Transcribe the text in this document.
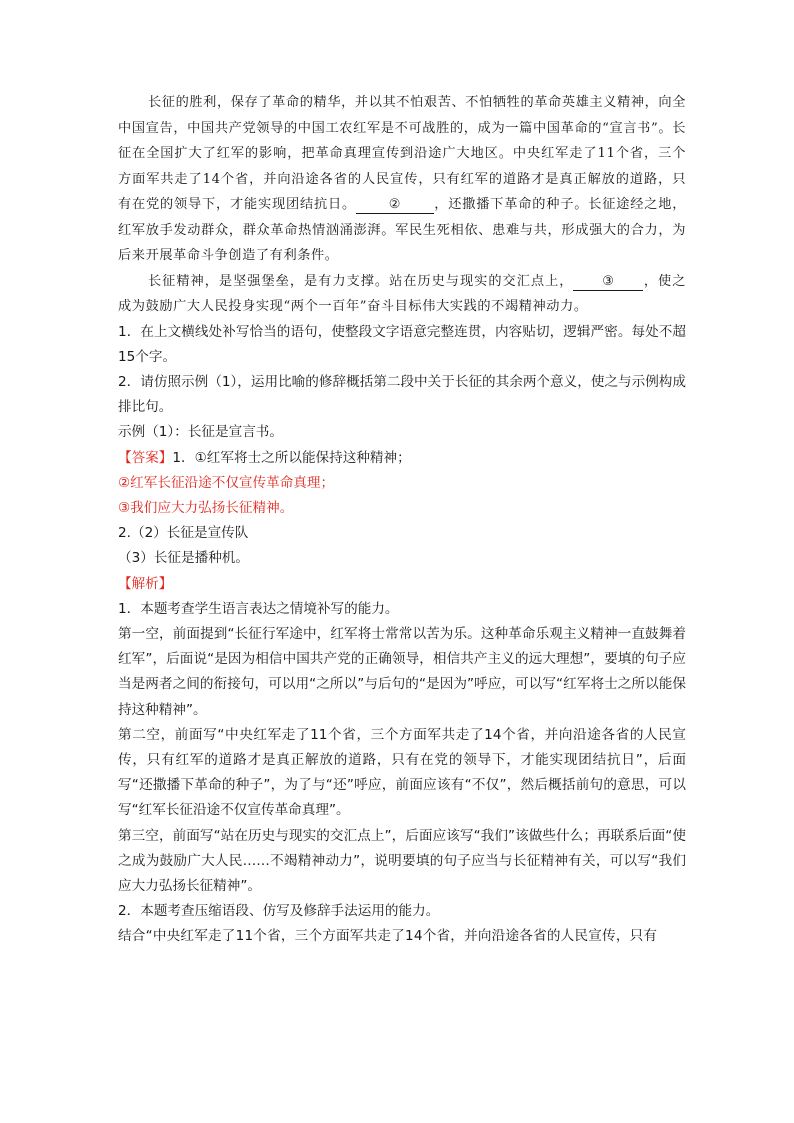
长征的胜利，保存了革命的精华，并以其不怕艰苦、不怕牺牲的革命英雄主义精神，向全中国宣告，中国共产党领导的中国工农红军是不可战胜的，成为一篇中国革命的“宣言书”。长征在全国扩大了红军的影响，把革命真理宣传到沿途广大地区。中央红军走了11个省，三个方面军共走了14个省，并向沿途各省的人民宣传，只有红军的道路才是真正解放的道路，只有在党的领导下，才能实现团结抗日。 ② ，还撒播下革命的种子。长征途经之地，红军放手发动群众，群众革命热情汹涌澎湃。军民生死相依、患难与共，形成强大的合力，为后来开展革命斗争创造了有利条件。

长征精神，是坚强堡垒，是有力支撑。站在历史与现实的交汇点上， ③ ，使之成为鼓励广大人民投身实现“两个一百年”奋斗目标伟大实践的不竭精神动力。

1．在上文横线处补写恰当的语句，使整段文字语意完整连贯，内容贴切，逻辑严密。每处不超15个字。

2．请仿照示例（1），运用比喻的修辞概括第二段中关于长征的其余两个意义，使之与示例构成排比句。

示例（1）：长征是宣言书。

【答案】1．①红军将士之所以能保持这种精神；

②红军长征沿途不仅宣传革命真理；

③我们应大力弘扬长征精神。

2.（2）长征是宣传队

（3）长征是播种机。

【解析】

1．本题考查学生语言表达之情境补写的能力。

第一空，前面提到“长征行军途中，红军将士常常以苦为乐。这种革命乐观主义精神一直鼓舞着红军”，后面说“是因为相信中国共产党的正确领导，相信共产主义的远大理想”，要填的句子应当是两者之间的衔接句，可以用“之所以”与后句的“是因为”呼应，可以写“红军将士之所以能保持这种精神”。

第二空，前面写“中央红军走了11个省，三个方面军共走了14个省，并向沿途各省的人民宣传，只有红军的道路才是真正解放的道路，只有在党的领导下，才能实现团结抗日”，后面写“还撒播下革命的种子”，为了与“还”呼应，前面应该有“不仅”，然后概括前句的意思，可以写“红军长征沿途不仅宣传革命真理”。

第三空，前面写“站在历史与现实的交汇点上”，后面应该写“我们”该做些什么；再联系后面“使之成为鼓励广大人民……不竭精神动力”，说明要填的句子应当与长征精神有关，可以写“我们应大力弘扬长征精神”。

2．本题考查压缩语段、仿写及修辞手法运用的能力。

结合“中央红军走了11个省，三个方面军共走了14个省，并向沿途各省的人民宣传，只有
